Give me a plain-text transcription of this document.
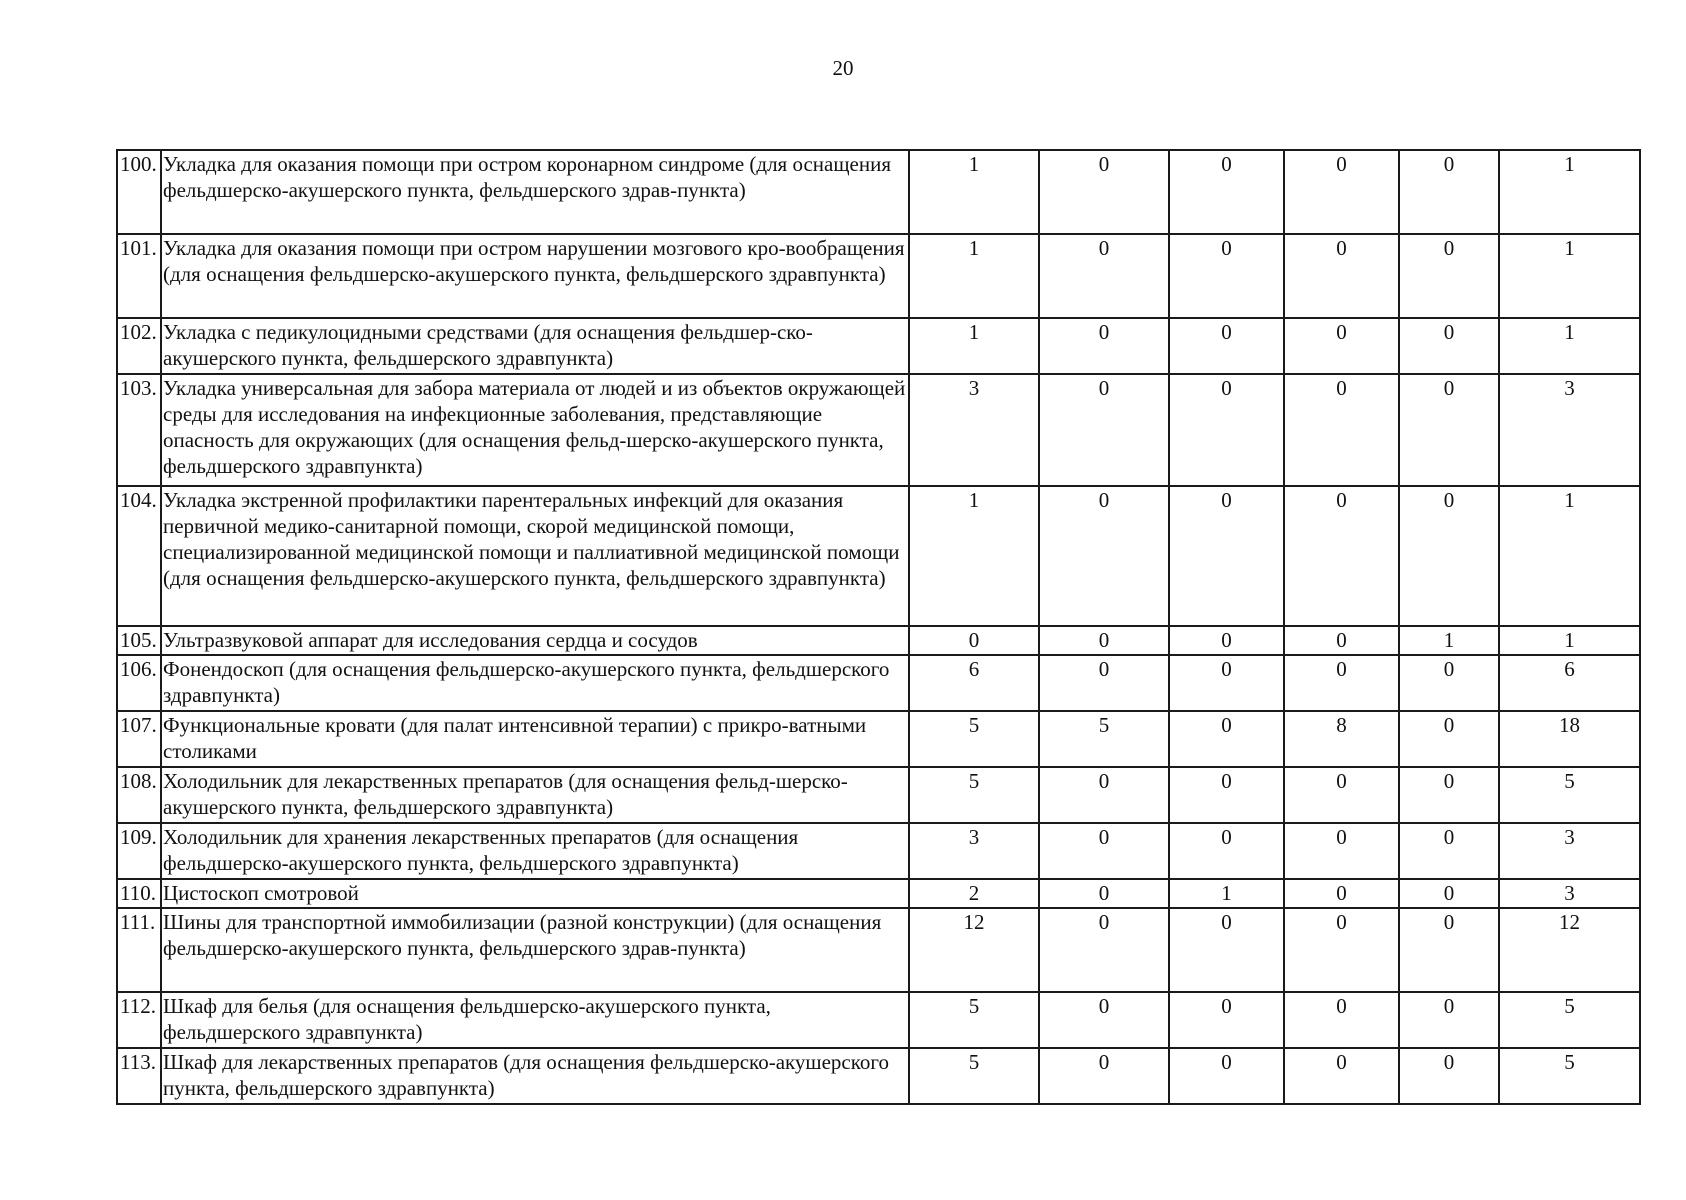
20
100.	Укладка для оказания помощи при остром коронарном синдроме (для оснащения фельдшерско-акушерского пункта, фельдшерского здрав-пункта)	1	0	0	0	0	1
101.	Укладка для оказания помощи при остром нарушении мозгового кро-вообращения (для оснащения фельдшерско-акушерского пункта, фельдшерского здравпункта)	1	0	0	0	0	1
102.	Укладка с педикулоцидными средствами (для оснащения фельдшер-ско-акушерского пункта, фельдшерского здравпункта)	1	0	0	0	0	1
103.	Укладка универсальная для забора материала от людей и из объектов окружающей среды для исследования на инфекционные заболевания, представляющие опасность для окружающих (для оснащения фельд-шерско-акушерского пункта, фельдшерского здравпункта)	3	0	0	0	0	3
104.	Укладка экстренной профилактики парентеральных инфекций для оказания первичной медико-санитарной помощи, скорой медицинской помощи, специализированной медицинской помощи и паллиативной медицинской помощи (для оснащения фельдшерско-акушерского пункта, фельдшерского здравпункта)	1	0	0	0	0	1
105.	Ультразвуковой аппарат для исследования сердца и сосудов	0	0	0	0	1	1
106.	Фонендоскоп (для оснащения фельдшерско-акушерского пункта, фельдшерского здравпункта)	6	0	0	0	0	6
107.	Функциональные кровати (для палат интенсивной терапии) с прикро-ватными столиками	5	5	0	8	0	18
108.	Холодильник для лекарственных препаратов (для оснащения фельд-шерско-акушерского пункта, фельдшерского здравпункта)	5	0	0	0	0	5
109.	Холодильник для хранения лекарственных препаратов (для оснащения фельдшерско-акушерского пункта, фельдшерского здравпункта)	3	0	0	0	0	3
110.	Цистоскоп смотровой	2	0	1	0	0	3
111.	Шины для транспортной иммобилизации (разной конструкции) (для оснащения фельдшерско-акушерского пункта, фельдшерского здрав-пункта)	12	0	0	0	0	12
112.	Шкаф для белья (для оснащения фельдшерско-акушерского пункта, фельдшерского здравпункта)	5	0	0	0	0	5
113.	Шкаф для лекарственных препаратов (для оснащения фельдшерско-акушерского пункта, фельдшерского здравпункта)	5	0	0	0	0	5
